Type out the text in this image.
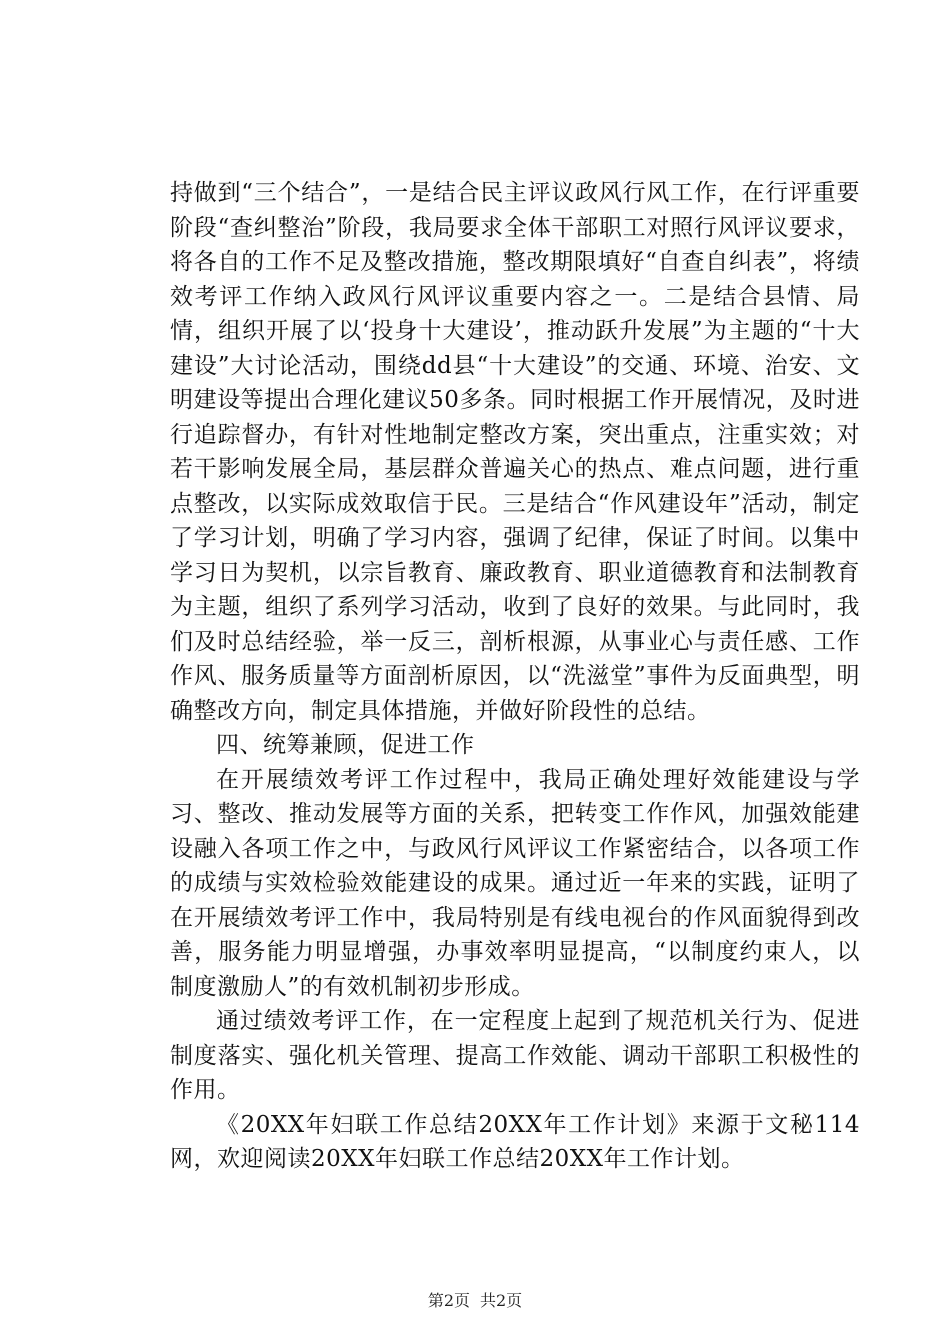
持做到“三个结合”，一是结合民主评议政风行风工作，在行评重要阶段“查纠整治”阶段，我局要求全体干部职工对照行风评议要求，将各自的工作不足及整改措施，整改期限填好“自查自纠表”，将绩效考评工作纳入政风行风评议重要内容之一。二是结合县情、局情，组织开展了以‘投身十大建设’，推动跃升发展”为主题的“十大建设”大讨论活动，围绕dd县“十大建设”的交通、环境、治安、文明建设等提出合理化建议50多条。同时根据工作开展情况，及时进行追踪督办，有针对性地制定整改方案，突出重点，注重实效；对若干影响发展全局，基层群众普遍关心的热点、难点问题，进行重点整改，以实际成效取信于民。三是结合“作风建设年”活动，制定了学习计划，明确了学习内容，强调了纪律，保证了时间。以集中学习日为契机，以宗旨教育、廉政教育、职业道德教育和法制教育为主题，组织了系列学习活动，收到了良好的效果。与此同时，我们及时总结经验，举一反三，剖析根源，从事业心与责任感、工作作风、服务质量等方面剖析原因，以“洗滋堂”事件为反面典型，明确整改方向，制定具体措施，并做好阶段性的总结。

四、统筹兼顾，促进工作

在开展绩效考评工作过程中，我局正确处理好效能建设与学习、整改、推动发展等方面的关系，把转变工作作风，加强效能建设融入各项工作之中，与政风行风评议工作紧密结合，以各项工作的成绩与实效检验效能建设的成果。通过近一年来的实践，证明了在开展绩效考评工作中，我局特别是有线电视台的作风面貌得到改善，服务能力明显增强，办事效率明显提高，“以制度约束人，以制度激励人”的有效机制初步形成。

通过绩效考评工作，在一定程度上起到了规范机关行为、促进制度落实、强化机关管理、提高工作效能、调动干部职工积极性的作用。

《20XX年妇联工作总结20XX年工作计划》来源于文秘114网，欢迎阅读20XX年妇联工作总结20XX年工作计划。

第2页 共2页
